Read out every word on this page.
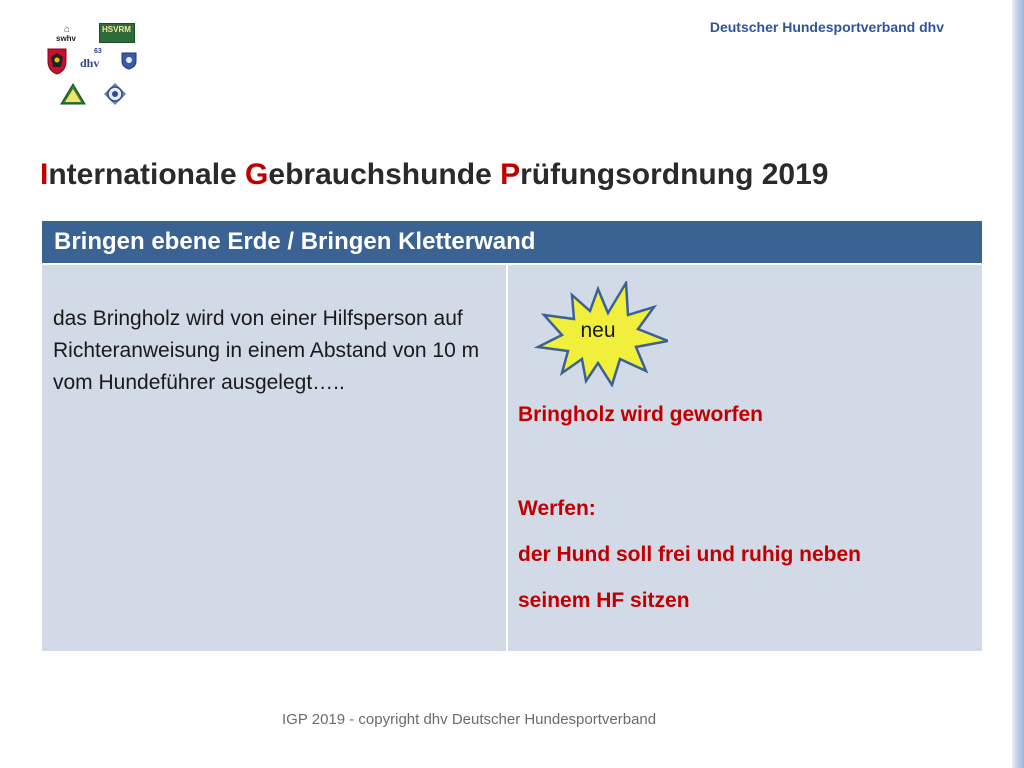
Deutscher Hundesportverband dhv
⌂
swhv
HSVRM
63
dhv
Internationale Gebrauchshunde Prüfungsordnung 2019
Bringen ebene Erde / Bringen Kletterwand

das Bringholz wird von einer Hilfsperson auf Richteranweisung in einem Abstand von 10 m vom Hundeführer ausgelegt…..

neu
Bringholz wird geworfen
Werfen:
der Hund soll frei und ruhig neben
seinem HF sitzen
IGP 2019 - copyright dhv Deutscher Hundesportverband
